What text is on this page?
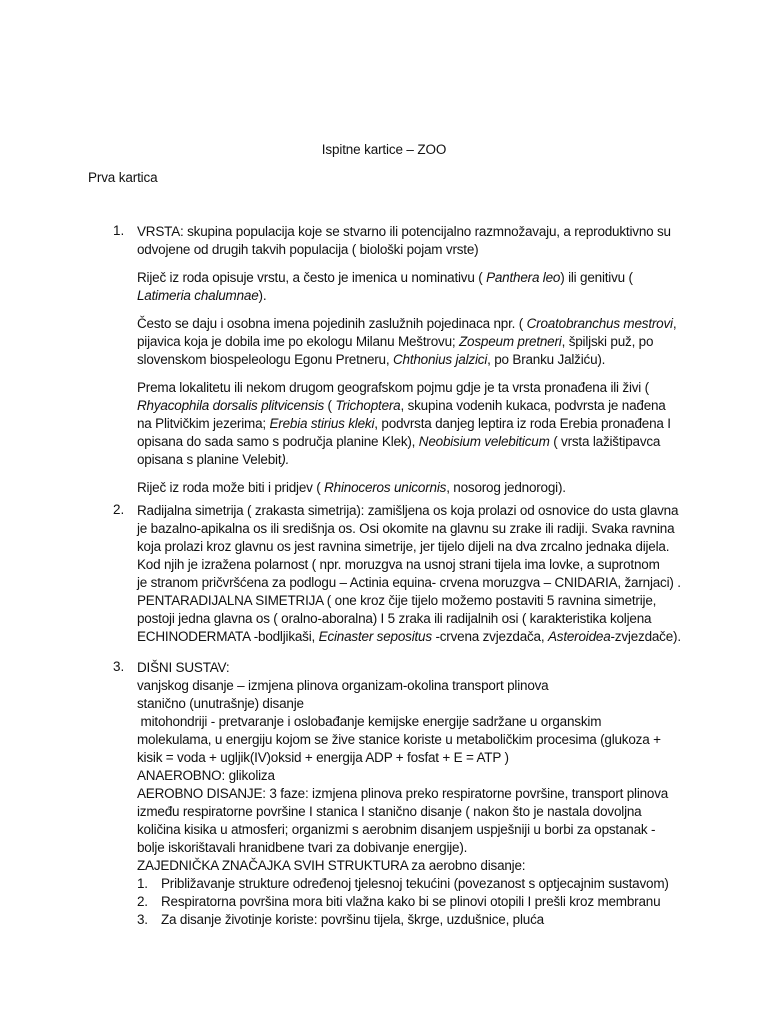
Ispitne kartice – ZOO
Prva kartica
1. VRSTA: skupina populacija koje se stvarno ili potencijalno razmnožavaju, a reproduktivno su
odvojene od drugih takvih populacija ( biološki pojam vrste)

Riječ iz roda opisuje vrstu, a često je imenica u nominativu ( Panthera leo) ili genitivu (
Latimeria chalumnae).

Često se daju i osobna imena pojedinih zaslužnih pojedinaca npr. ( Croatobranchus mestrovi,
pijavica koja je dobila ime po ekologu Milanu Meštrovu; Zospeum pretneri, špiljski puž, po
slovenskom biospeleologu Egonu Pretneru, Chthonius jalzici, po Branku Jalžiću).

Prema lokalitetu ili nekom drugom geografskom pojmu gdje je ta vrsta pronađena ili živi (
Rhyacophila dorsalis plitvicensis ( Trichoptera, skupina vodenih kukaca, podvrsta je nađena
na Plitvičkim jezerima; Erebia stirius kleki, podvrsta danjeg leptira iz roda Erebia pronađena I
opisana do sada samo s područja planine Klek), Neobisium velebiticum ( vrsta lažištipavca
opisana s planine Velebit).

Riječ iz roda može biti i pridjev ( Rhinoceros unicornis, nosorog jednorogi).

2. Radijalna simetrija ( zrakasta simetrija): zamišljena os koja prolazi od osnovice do usta glavna
je bazalno-apikalna os ili središnja os. Osi okomite na glavnu su zrake ili radiji. Svaka ravnina
koja prolazi kroz glavnu os jest ravnina simetrije, jer tijelo dijeli na dva zrcalno jednaka dijela.
Kod njih je izražena polarnost ( npr. moruzgva na usnoj strani tijela ima lovke, a suprotnom
je stranom pričvršćena za podlogu – Actinia equina- crvena moruzgva – CNIDARIA, žarnjaci) .
PENTARADIJALNA SIMETRIJA ( one kroz čije tijelo možemo postaviti 5 ravnina simetrije,
postoji jedna glavna os ( oralno-aboralna) I 5 zraka ili radijalnih osi ( karakteristika koljena
ECHINODERMATA -bodljikaši, Ecinaster sepositus -crvena zvjezdača, Asteroidea-zvjezdače).

3. DIŠNI SUSTAV:
vanjskog disanje – izmjena plinova organizam-okolina transport plinova
stanično (unutrašnje) disanje
mitohondriji - pretvaranje i oslobađanje kemijske energije sadržane u organskim
molekulama, u energiju kojom se žive stanice koriste u metaboličkim procesima (glukoza +
kisik = voda + ugljik(IV)oksid + energija ADP + fosfat + E = ATP )
ANAEROBNO: glikoliza
AEROBNO DISANJE: 3 faze: izmjena plinova preko respiratorne površine, transport plinova
između respiratorne površine I stanica I stanično disanje ( nakon što je nastala dovoljna
količina kisika u atmosferi; organizmi s aerobnim disanjem uspješniji u borbi za opstanak -
bolje iskorištavali hranidbene tvari za dobivanje energije).
ZAJEDNIČKA ZNAČAJKA SVIH STRUKTURA za aerobno disanje:

1. Približavanje strukture određenoj tjelesnoj tekućini (povezanost s optjecajnim sustavom)
2. Respiratorna površina mora biti vlažna kako bi se plinovi otopili I prešli kroz membranu
3. Za disanje životinje koriste: površinu tijela, škrge, uzdušnice, pluća
